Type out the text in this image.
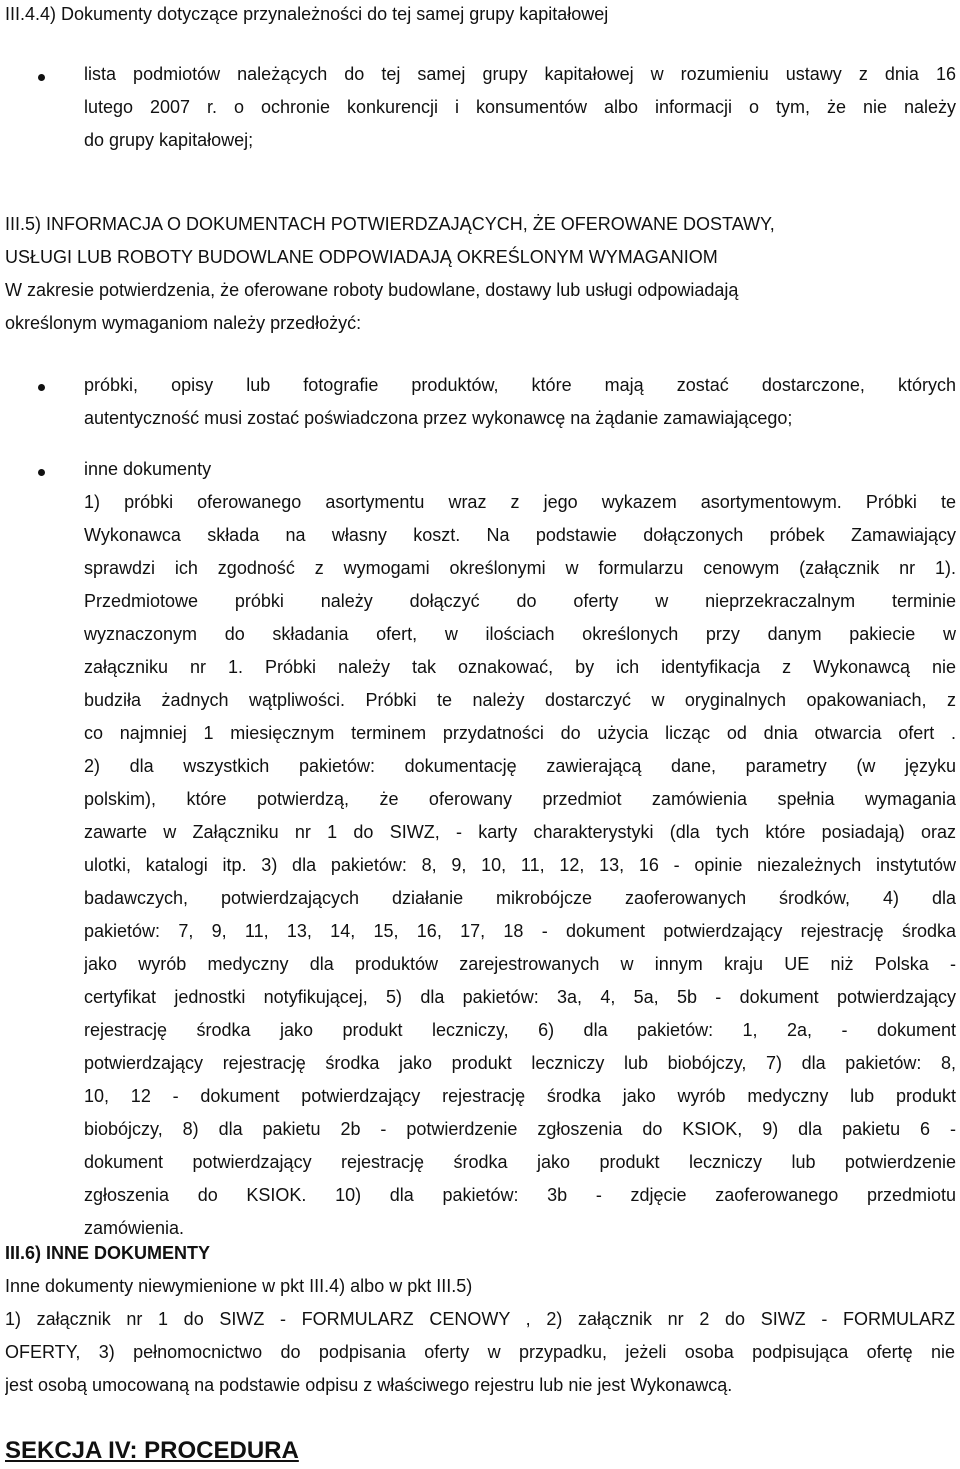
III.4.4) Dokumenty dotyczące przynależności do tej samej grupy kapitałowej
lista podmiotów należących do tej samej grupy kapitałowej w rozumieniu ustawy z dnia 16
lutego 2007 r. o ochronie konkurencji i konsumentów albo informacji o tym, że nie należy
do grupy kapitałowej;
III.5) INFORMACJA O DOKUMENTACH POTWIERDZAJĄCYCH, ŻE OFEROWANE DOSTAWY,
USŁUGI LUB ROBOTY BUDOWLANE ODPOWIADAJĄ OKREŚLONYM WYMAGANIOM
W zakresie potwierdzenia, że oferowane roboty budowlane, dostawy lub usługi odpowiadają
określonym wymaganiom należy przedłożyć:
próbki, opisy lub fotografie produktów, które mają zostać dostarczone, których
autentyczność musi zostać poświadczona przez wykonawcę na żądanie zamawiającego;
inne dokumenty
1) próbki oferowanego asortymentu wraz z jego wykazem asortymentowym. Próbki te
Wykonawca składa na własny koszt. Na podstawie dołączonych próbek Zamawiający
sprawdzi ich zgodność z wymogami określonymi w formularzu cenowym (załącznik nr 1).
Przedmiotowe próbki należy dołączyć do oferty w nieprzekraczalnym terminie
wyznaczonym do składania ofert, w ilościach określonych przy danym pakiecie w
załączniku nr 1. Próbki należy tak oznakować, by ich identyfikacja z Wykonawcą nie
budziła żadnych wątpliwości. Próbki te należy dostarczyć w oryginalnych opakowaniach, z
co najmniej 1 miesięcznym terminem przydatności do użycia licząc od dnia otwarcia ofert .
2) dla wszystkich pakietów: dokumentację zawierającą dane, parametry (w języku
polskim), które potwierdzą, że oferowany przedmiot zamówienia spełnia wymagania
zawarte w Załączniku nr 1 do SIWZ, - karty charakterystyki (dla tych które posiadają) oraz
ulotki, katalogi itp. 3) dla pakietów: 8, 9, 10, 11, 12, 13, 16 - opinie niezależnych instytutów
badawczych, potwierdzających działanie mikrobójcze zaoferowanych środków, 4) dla
pakietów: 7, 9, 11, 13, 14, 15, 16, 17, 18 - dokument potwierdzający rejestrację środka
jako wyrób medyczny dla produktów zarejestrowanych w innym kraju UE niż Polska -
certyfikat jednostki notyfikującej, 5) dla pakietów: 3a, 4, 5a, 5b - dokument potwierdzający
rejestrację środka jako produkt leczniczy, 6) dla pakietów: 1, 2a, - dokument
potwierdzający rejestrację środka jako produkt leczniczy lub biobójczy, 7) dla pakietów: 8,
10, 12 - dokument potwierdzający rejestrację środka jako wyrób medyczny lub produkt
biobójczy, 8) dla pakietu 2b - potwierdzenie zgłoszenia do KSIOK, 9) dla pakietu 6 -
dokument potwierdzający rejestrację środka jako produkt leczniczy lub potwierdzenie
zgłoszenia do KSIOK. 10) dla pakietów: 3b - zdjęcie zaoferowanego przedmiotu
zamówienia.
III.6) INNE DOKUMENTY
Inne dokumenty niewymienione w pkt III.4) albo w pkt III.5)
1) załącznik nr 1 do SIWZ - FORMULARZ CENOWY , 2) załącznik nr 2 do SIWZ - FORMULARZ
OFERTY, 3) pełnomocnictwo do podpisania oferty w przypadku, jeżeli osoba podpisująca ofertę nie
jest osobą umocowaną na podstawie odpisu z właściwego rejestru lub nie jest Wykonawcą.
SEKCJA IV: PROCEDURA
